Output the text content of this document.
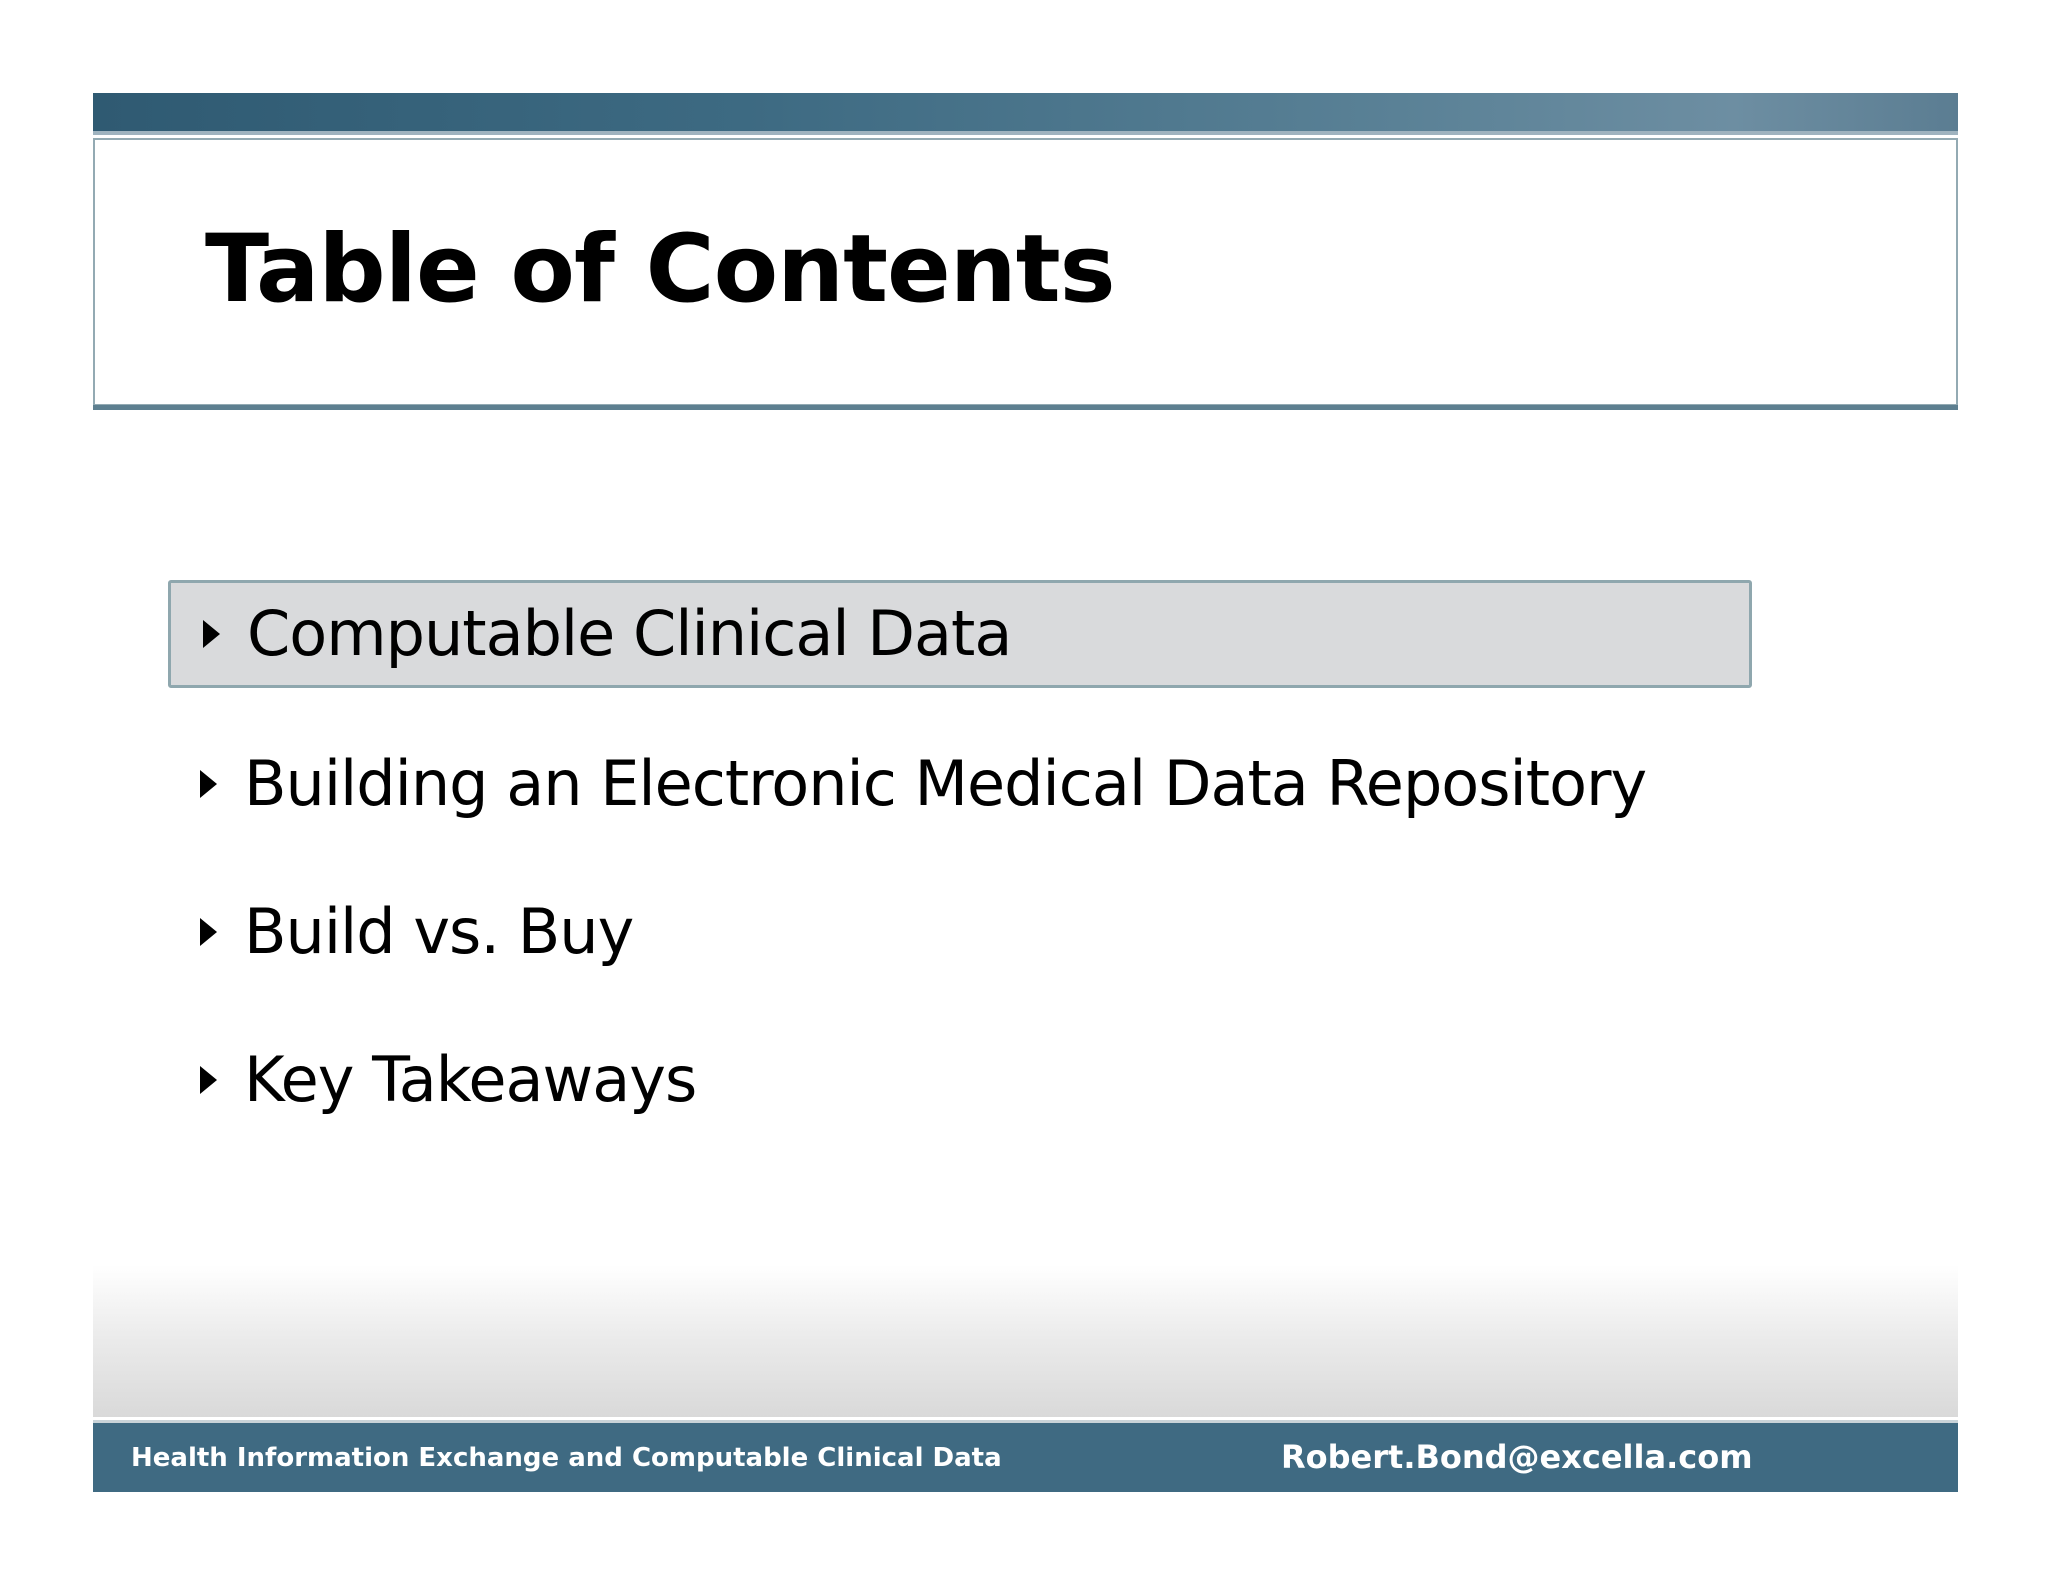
Table of Contents
Computable Clinical Data
Building an Electronic Medical Data Repository
Build vs. Buy
Key Takeaways
Health Information Exchange and Computable Clinical Data	Robert.Bond@excella.com
